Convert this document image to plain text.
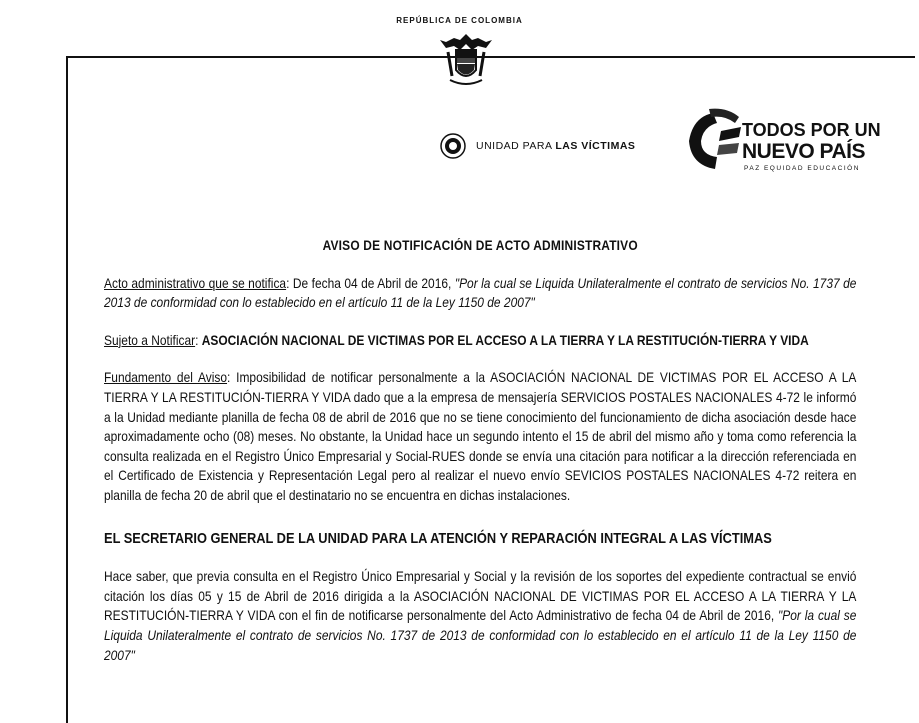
REPÚBLICA DE COLOMBIA
UNIDAD PARA LAS VÍCTIMAS
TODOS POR UN
NUEVO PAÍS
PAZ EQUIDAD EDUCACIÓN
AVISO DE NOTIFICACIÓN DE ACTO ADMINISTRATIVO

Acto administrativo que se notifica: De fecha 04 de Abril de 2016, "Por la cual se Liquida Unilateralmente el contrato de servicios No. 1737 de 2013 de conformidad con lo establecido en el artículo 11 de la Ley 1150 de 2007"

Sujeto a Notificar: ASOCIACIÓN NACIONAL DE VICTIMAS POR EL ACCESO A LA TIERRA Y LA RESTITUCIÓN-TIERRA Y VIDA

Fundamento del Aviso: Imposibilidad de notificar personalmente a la ASOCIACIÓN NACIONAL DE VICTIMAS POR EL ACCESO A LA TIERRA Y LA RESTITUCIÓN-TIERRA Y VIDA dado que a la empresa de mensajería SERVICIOS POSTALES NACIONALES 4-72 le informó a la Unidad mediante planilla de fecha 08 de abril de 2016 que no se tiene conocimiento del funcionamiento de dicha asociación desde hace aproximadamente ocho (08) meses. No obstante, la Unidad hace un segundo intento el 15 de abril del mismo año y toma como referencia la consulta realizada en el Registro Único Empresarial y Social-RUES donde se envía una citación para notificar a la dirección referenciada en el Certificado de Existencia y Representación Legal pero al realizar el nuevo envío SEVICIOS POSTALES NACIONALES 4-72 reitera en planilla de fecha 20 de abril que el destinatario no se encuentra en dichas instalaciones.

EL SECRETARIO GENERAL DE LA UNIDAD PARA LA ATENCIÓN Y REPARACIÓN INTEGRAL A LAS VÍCTIMAS

Hace saber, que previa consulta en el Registro Único Empresarial y Social y la revisión de los soportes del expediente contractual se envió citación los días 05 y 15 de Abril de 2016 dirigida a la ASOCIACIÓN NACIONAL DE VICTIMAS POR EL ACCESO A LA TIERRA Y LA RESTITUCIÓN-TIERRA Y VIDA con el fin de notificarse personalmente del Acto Administrativo de fecha 04 de Abril de 2016, "Por la cual se Liquida Unilateralmente el contrato de servicios No. 1737 de 2013 de conformidad con lo establecido en el artículo 11 de la Ley 1150 de 2007"
